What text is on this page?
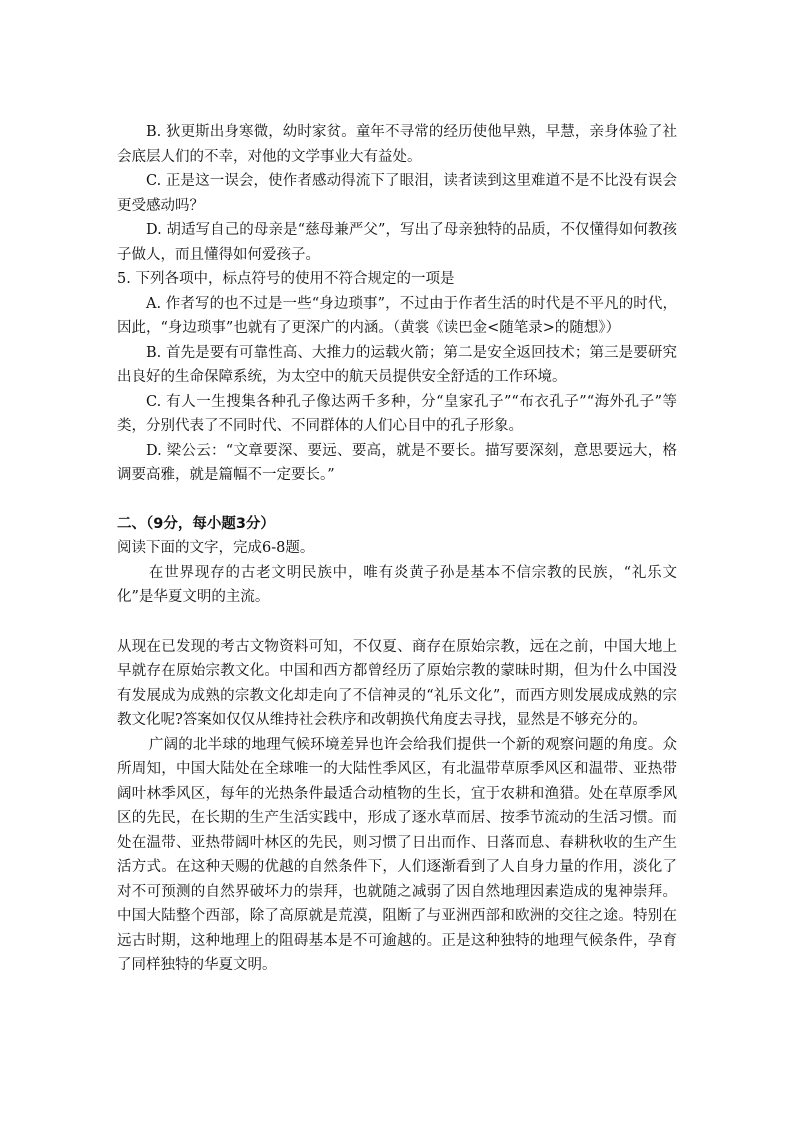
B. 狄更斯出身寒微，幼时家贫。童年不寻常的经历使他早熟，早慧，亲身体验了社会底层人们的不幸，对他的文学事业大有益处。

C. 正是这一误会，使作者感动得流下了眼泪，读者读到这里难道不是不比没有误会更受感动吗？

D. 胡适写自己的母亲是“慈母兼严父”，写出了母亲独特的品质，不仅懂得如何教孩子做人，而且懂得如何爱孩子。

5. 下列各项中，标点符号的使用不符合规定的一项是

A. 作者写的也不过是一些“身边琐事”，不过由于作者生活的时代是不平凡的时代，因此，“身边琐事”也就有了更深广的内涵。（黄裳《读巴金<随笔录>的随想》）

B. 首先是要有可靠性高、大推力的运载火箭；第二是安全返回技术；第三是要研究出良好的生命保障系统，为太空中的航天员提供安全舒适的工作环境。

C. 有人一生搜集各种孔子像达两千多种，分“皇家孔子”“布衣孔子”“海外孔子”等类，分别代表了不同时代、不同群体的人们心目中的孔子形象。

D. 梁公云：“文章要深、要远、要高，就是不要长。描写要深刻，意思要远大，格调要高雅，就是篇幅不一定要长。”

二、（9分，每小题3分）

阅读下面的文字，完成6-8题。

在世界现存的古老文明民族中，唯有炎黄子孙是基本不信宗教的民族，“礼乐文化”是华夏文明的主流。

从现在已发现的考古文物资料可知，不仅夏、商存在原始宗教，远在之前，中国大地上早就存在原始宗教文化。中国和西方都曾经历了原始宗教的蒙昧时期，但为什么中国没有发展成为成熟的宗教文化却走向了不信神灵的“礼乐文化”，而西方则发展成成熟的宗教文化呢?答案如仅仅从维持社会秩序和改朝换代角度去寻找，显然是不够充分的。

广阔的北半球的地理气候环境差异也许会给我们提供一个新的观察问题的角度。众所周知，中国大陆处在全球唯一的大陆性季风区，有北温带草原季风区和温带、亚热带阔叶林季风区，每年的光热条件最适合动植物的生长，宜于农耕和渔猎。处在草原季风区的先民，在长期的生产生活实践中，形成了逐水草而居、按季节流动的生活习惯。而处在温带、亚热带阔叶林区的先民，则习惯了日出而作、日落而息、春耕秋收的生产生活方式。在这种天赐的优越的自然条件下，人们逐渐看到了人自身力量的作用，淡化了对不可预测的自然界破坏力的崇拜，也就随之减弱了因自然地理因素造成的鬼神崇拜。中国大陆整个西部，除了高原就是荒漠，阻断了与亚洲西部和欧洲的交往之途。特别在远古时期，这种地理上的阻碍基本是不可逾越的。正是这种独特的地理气候条件，孕育了同样独特的华夏文明。
